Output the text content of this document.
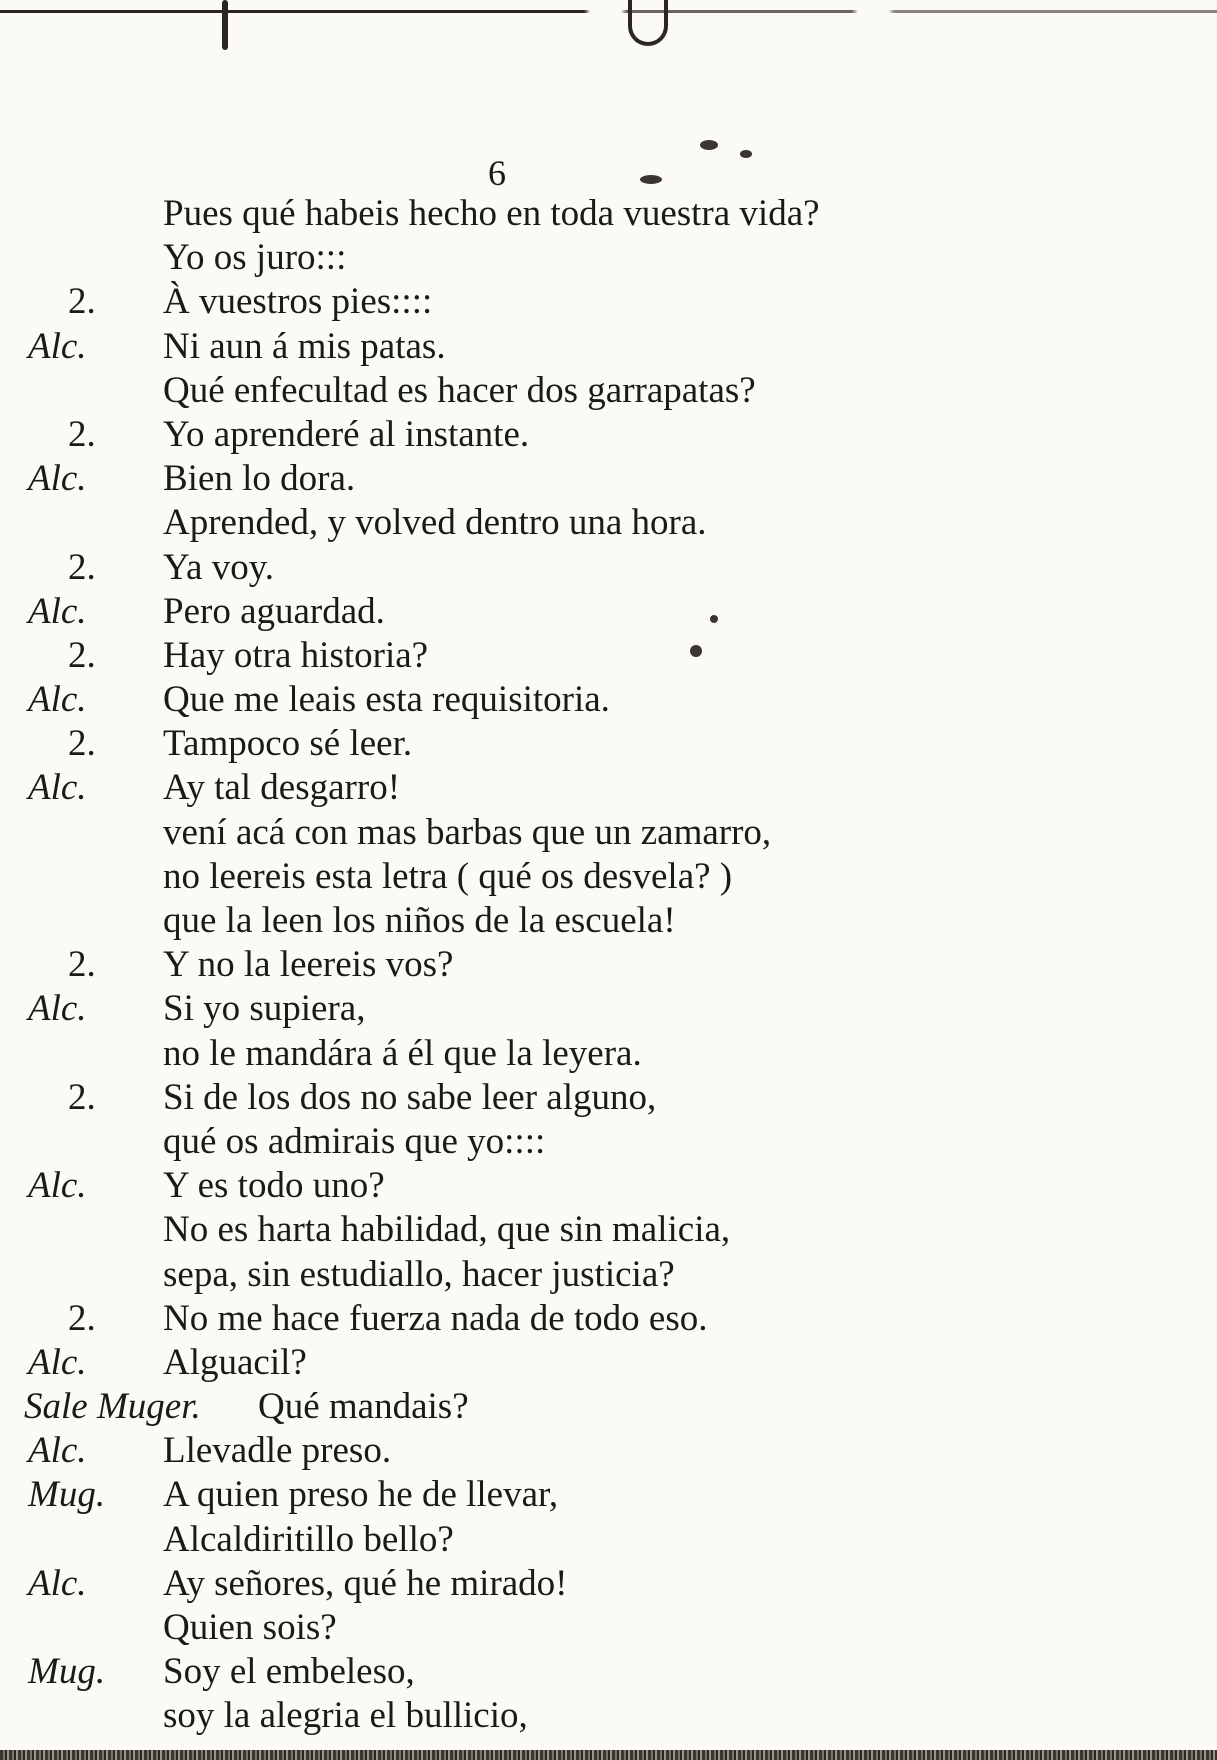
6
Pues qué habeis hecho en toda vuestra vida?
Yo os juro:::
2. À vuestros pies::::
Alc. Ni aun á mis patas.
Qué enfecultad es hacer dos garrapatas?
2. Yo aprenderé al instante.
Alc. Bien lo dora.
Aprended, y volved dentro una hora.
2. Ya voy.
Alc. Pero aguardad.
2. Hay otra historia?
Alc. Que me leais esta requisitoria.
2. Tampoco sé leer.
Alc. Ay tal desgarro!
vení acá con mas barbas que un zamarro,
no leereis esta letra ( qué os desvela? )
que la leen los niños de la escuela!
2. Y no la leereis vos?
Alc. Si yo supiera,
no le mandára á él que la leyera.
2. Si de los dos no sabe leer alguno,
qué os admirais que yo::::
Alc. Y es todo uno?
No es harta habilidad, que sin malicia,
sepa, sin estudiallo, hacer justicia?
2. No me hace fuerza nada de todo eso.
Alc. Alguacil?
Sale Muger. Qué mandais?
Alc. Llevadle preso.
Mug. A quien preso he de llevar,
Alcaldiritillo bello?
Alc. Ay señores, qué he mirado!
Quien sois?
Mug. Soy el embeleso,
soy la alegria el bullicio,
